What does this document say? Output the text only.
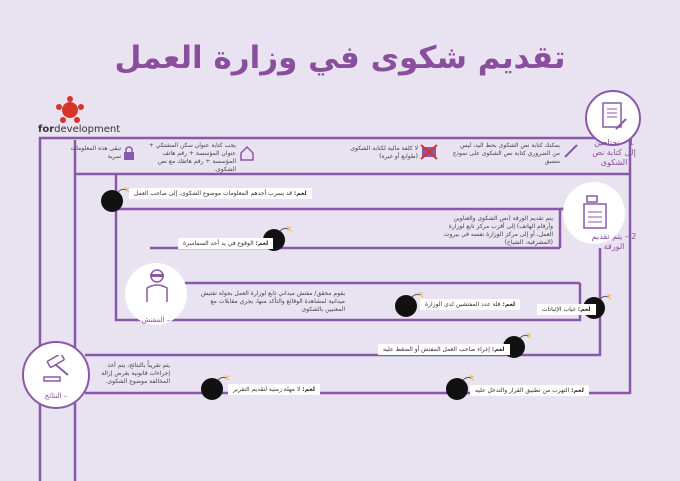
تقديم شكوى في وزارة العمل
fordevelopment
1 – تحتاجين إلى كتابة نص الشكوى
2 – يتم تقديم الورقة
– المفتش
– النتائج
بمكنك كتابة نص الشكوى بخط اليد، ليس من الضروري كتابة نص الشكوى على نموذج منسق
لا كلفة مالية لكتابة الشكوى (طوابع أو غيره)
يجب كتابة عنوان سكن المشتكي + عنوان المؤسسة + رقم هاتف المؤسسة + رقم هاتفك مع نص الشكوى.
تبقى هذه المعلومات سرية
يتم تقديم الورقة (نص الشكوى والعناوين وأرقام الهاتف) إلى أقرب مركز تابع لوزارة العمل، أو إلى مركز الوزارة نفسه في بيروت (المشرفية، الشياح)
يقوم محقق/ مفتش ميداني تابع لوزارة العمل بجولة تفتيش ميدانية لمشاهدة الوقائع والتأكد منها، يجري مقابلات مع المعنيين بالشكوى
يتم تقريباً بالنتائج، يتم أخذ إجراءات قانونية بغرض إزالة المخالفة موضوع الشكوى.
لغم: قد يسرب أحدهم المعلومات موضوع الشكوى، إلى صاحب العمل
لغم: الوقوع في يد أحد السماسرة
لغم: قلة عدد المفتشين لدى الوزارة
لغم: غياب الإثباتات
لغم: إغراء صاحب العمل المفتش أو الضغط عليه
لغم: لا مهلة زمنية لتقديم التقرير	لغم: التهرب من تطبيق القرار والتدخل عليه
